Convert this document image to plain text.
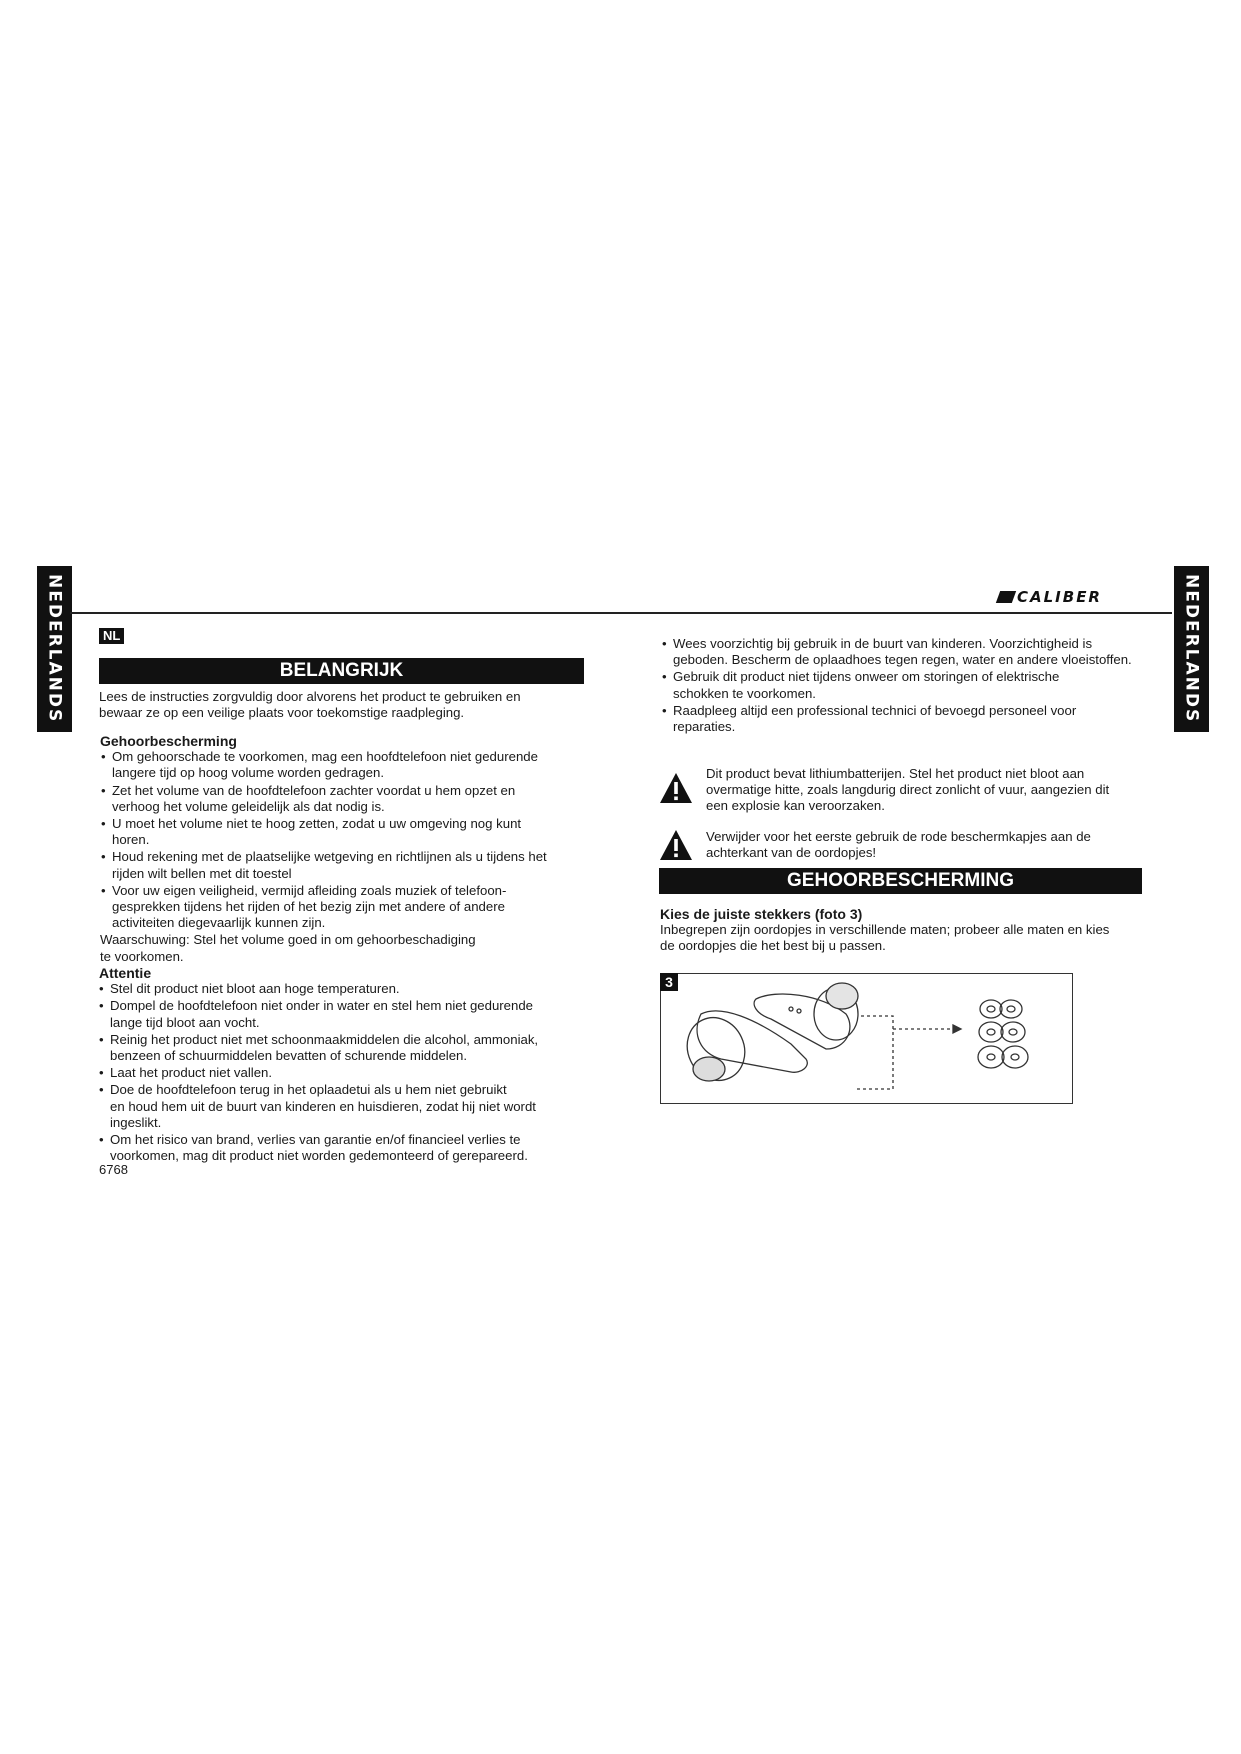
NEDERLANDS	NEDERLANDS
CALIBER
NL
BELANGRIJK

Lees de instructies zorgvuldig door alvorens het product te gebruiken en

bewaar ze op een veilige plaats voor toekomstige raadpleging.

Gehoorbescherming

• Om gehoorschade te voorkomen, mag een hoofdtelefoon niet gedurende
langere tijd op hoog volume worden gedragen.
• Zet het volume van de hoofdtelefoon zachter voordat u hem opzet en
verhoog het volume geleidelijk als dat nodig is.
• U moet het volume niet te hoog zetten, zodat u uw omgeving nog kunt
horen.
• Houd rekening met de plaatselijke wetgeving en richtlijnen als u tijdens het
rijden wilt bellen met dit toestel
• Voor uw eigen veiligheid, vermijd afleiding zoals muziek of telefoon-
gesprekken tijdens het rijden of het bezig zijn met andere of andere
activiteiten diegevaarlijk kunnen zijn.

Waarschuwing: Stel het volume goed in om gehoorbeschadiging

te voorkomen.

Attentie

• Stel dit product niet bloot aan hoge temperaturen.
• Dompel de hoofdtelefoon niet onder in water en stel hem niet gedurende
lange tijd bloot aan vocht.
• Reinig het product niet met schoonmaakmiddelen die alcohol, ammoniak,
benzeen of schuurmiddelen bevatten of schurende middelen.
• Laat het product niet vallen.
• Doe de hoofdtelefoon terug in het oplaadetui als u hem niet gebruikt
en houd hem uit de buurt van kinderen en huisdieren, zodat hij niet wordt
ingeslikt.
• Om het risico van brand, verlies van garantie en/of financieel verlies te
voorkomen, mag dit product niet worden gedemonteerd of gerepareerd.
6768
• Wees voorzichtig bij gebruik in de buurt van kinderen. Voorzichtigheid is
geboden. Bescherm de oplaadhoes tegen regen, water en andere vloeistoffen.
• Gebruik dit product niet tijdens onweer om storingen of elektrische
schokken te voorkomen.
• Raadpleeg altijd een professional technici of bevoegd personeel voor
reparaties.

Dit product bevat lithiumbatterijen. Stel het product niet bloot aan

overmatige hitte, zoals langdurig direct zonlicht of vuur, aangezien dit

een explosie kan veroorzaken.

Verwijder voor het eerste gebruik de rode beschermkapjes aan de

achterkant van de oordopjes!

GEHOORBESCHERMING

Kies de juiste stekkers (foto 3)

Inbegrepen zijn oordopjes in verschillende maten; probeer alle maten en kies

de oordopjes die het best bij u passen.

3
